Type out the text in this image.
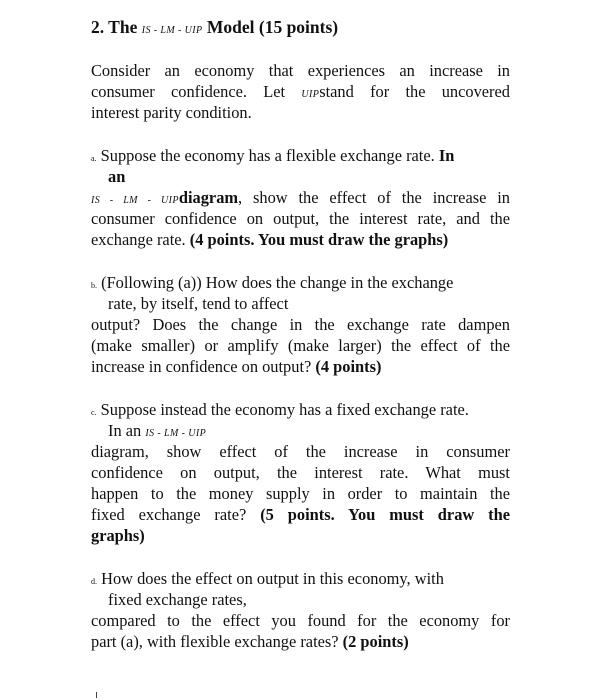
2. The IS - LM - UIP Model (15 points)
Consider an economy that experiences an increase in
consumer confidence. Let UIPstand for the uncovered
interest parity condition.
a. Suppose the economy has a flexible exchange rate. In
an
IS - LM - UIPdiagram, show the effect of the increase in
consumer confidence on output, the interest rate, and the
exchange rate. (4 points. You must draw the graphs)
b. (Following (a)) How does the change in the exchange
rate, by itself, tend to affect
output? Does the change in the exchange rate dampen
(make smaller) or amplify (make larger) the effect of the
increase in confidence on output? (4 points)
c. Suppose instead the economy has a fixed exchange rate.
In an IS - LM - UIP
diagram, show effect of the increase in consumer
confidence on output, the interest rate. What must
happen to the money supply in order to maintain the
fixed exchange rate? (5 points. You must draw the
graphs)
d. How does the effect on output in this economy, with
fixed exchange rates,
compared to the effect you found for the economy for
part (a), with flexible exchange rates? (2 points)
